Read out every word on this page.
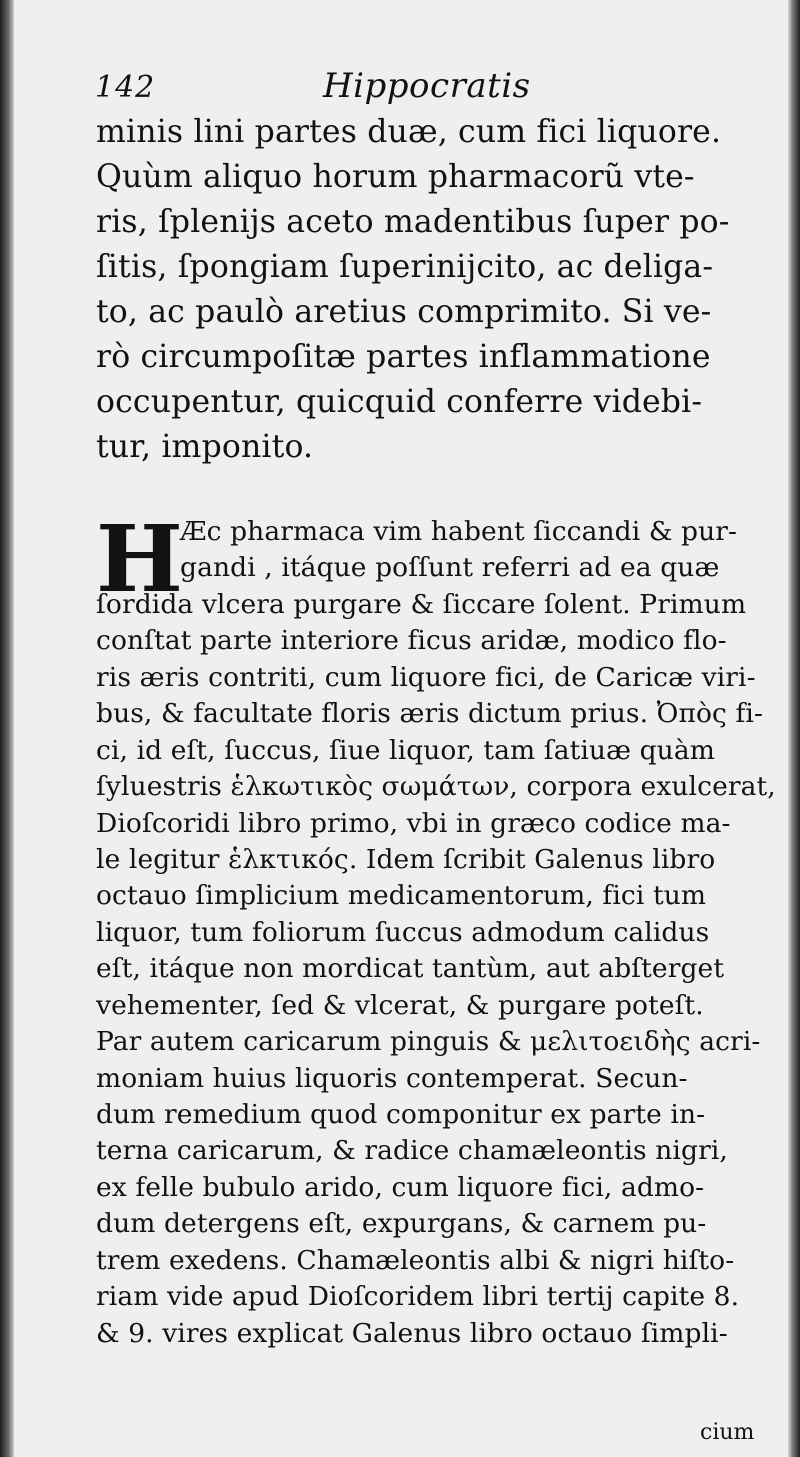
142	Hippocratis
minis lini partes duæ, cum fici liquore.
Quùm aliquo horum pharmacorũ vte-
ris, ſplenijs aceto madentibus ſuper po-
ſitis, ſpongiam ſuperinijcito, ac deliga-
to, ac paulò aretius comprimito. Si ve-
rò circumpoſitæ partes inflammatione
occupentur, quicquid conferre videbi-
tur, imponito.
H Æc pharmaca vim habent ſiccandi & pur-
gandi , itáque poſſunt referri ad ea quæ
ſordida vlcera purgare & ſiccare ſolent. Primum
conſtat parte interiore ficus aridæ, modico flo-
ris æris contriti, cum liquore fici, de Caricæ viri-
bus, & facultate floris æris dictum prius. Ὀπὸς fi-
ci, id eſt, ſuccus, ſiue liquor, tam ſatiuæ quàm
ſyluestris ἑλκωτικὸς σωμάτων, corpora exulcerat,
Dioſcoridi libro primo, vbi in græco codice ma-
le legitur ἑλκτικός. Idem ſcribit Galenus libro
octauo ſimplicium medicamentorum, fici tum
liquor, tum foliorum ſuccus admodum calidus
eſt, itáque non mordicat tantùm, aut abſterget
vehementer, ſed & vlcerat, & purgare poteſt.
Par autem caricarum pinguis & μελιτοειδὴς acri-
moniam huius liquoris contemperat. Secun-
dum remedium quod componitur ex parte in-
terna caricarum, & radice chamæleontis nigri,
ex felle bubulo arido, cum liquore fici, admo-
dum detergens eſt, expurgans, & carnem pu-
trem exedens. Chamæleontis albi & nigri hiſto-
riam vide apud Dioſcoridem libri tertij capite 8.
& 9. vires explicat Galenus libro octauo ſimpli-
cium
